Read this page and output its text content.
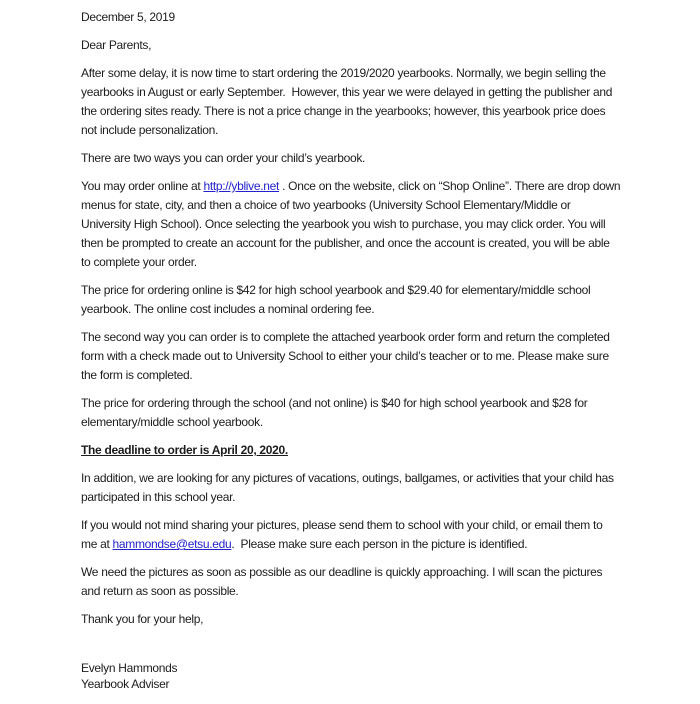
December 5, 2019

Dear Parents,

After some delay, it is now time to start ordering the 2019/2020 yearbooks. Normally, we begin selling the yearbooks in August or early September.  However, this year we were delayed in getting the publisher and the ordering sites ready. There is not a price change in the yearbooks; however, this yearbook price does not include personalization.

There are two ways you can order your child’s yearbook.

You may order online at http://yblive.net . Once on the website, click on “Shop Online”. There are drop down menus for state, city, and then a choice of two yearbooks (University School Elementary/Middle or University High School). Once selecting the yearbook you wish to purchase, you may click order. You will then be prompted to create an account for the publisher, and once the account is created, you will be able to complete your order.

The price for ordering online is $42 for high school yearbook and $29.40 for elementary/middle school yearbook. The online cost includes a nominal ordering fee.

The second way you can order is to complete the attached yearbook order form and return the completed form with a check made out to University School to either your child’s teacher or to me. Please make sure the form is completed.

The price for ordering through the school (and not online) is $40 for high school yearbook and $28 for elementary/middle school yearbook.

The deadline to order is April 20, 2020.

In addition, we are looking for any pictures of vacations, outings, ballgames, or activities that your child has participated in this school year.

If you would not mind sharing your pictures, please send them to school with your child, or email them to me at hammondse@etsu.edu.  Please make sure each person in the picture is identified.

We need the pictures as soon as possible as our deadline is quickly approaching. I will scan the pictures and return as soon as possible.

Thank you for your help,

Evelyn Hammonds

Yearbook Adviser
